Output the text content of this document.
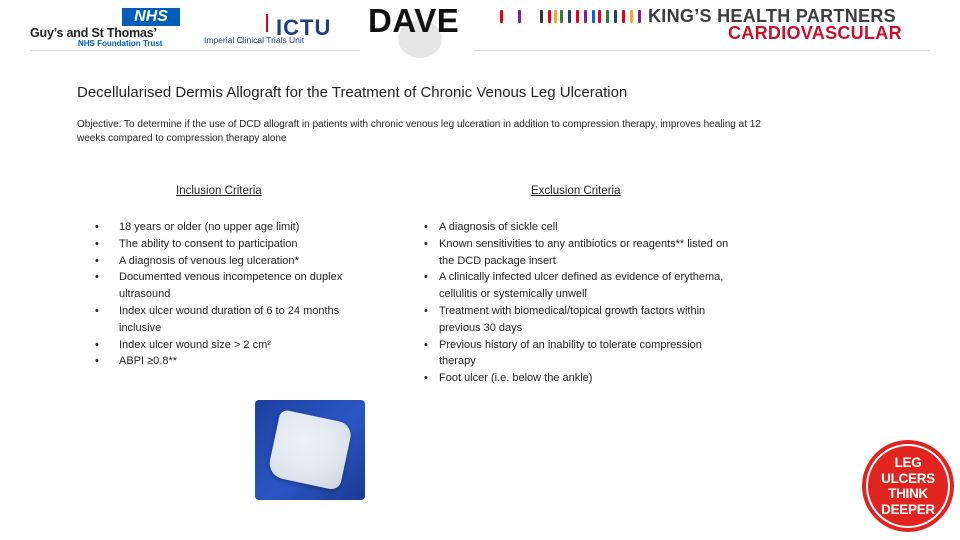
NHS
Guy’s and St Thomas’
NHS Foundation Trust
ICTU
Imperial Clinical Trials Unit
DAVE	KING’S HEALTH PARTNERS
CARDIOVASCULAR
Decellularised Dermis Allograft for the Treatment of Chronic Venous Leg Ulceration
Objective: To determine if the use of DCD allograft in patients with chronic venous leg ulceration in addition to compression therapy, improves healing at 12 weeks compared to compression therapy alone
Inclusion Criteria
• 18 years or older (no upper age limit)
• The ability to consent to participation
• A diagnosis of venous leg ulceration*
• Documented venous incompetence on duplex ultrasound
• Index ulcer wound duration of 6 to 24 months inclusive
• Index ulcer wound size > 2 cm²
• ABPI ≥0.8**
Exclusion Criteria
• A diagnosis of sickle cell
• Known sensitivities to any antibiotics or reagents** listed on the DCD package insert
• A clinically infected ulcer defined as evidence of erythema, cellulitis or systemically unwell
• Treatment with biomedical/topical growth factors within previous 30 days
• Previous history of an inability to tolerate compression therapy
• Foot ulcer (i.e. below the ankle)
LEG
ULCERS
THINK
DEEPER
